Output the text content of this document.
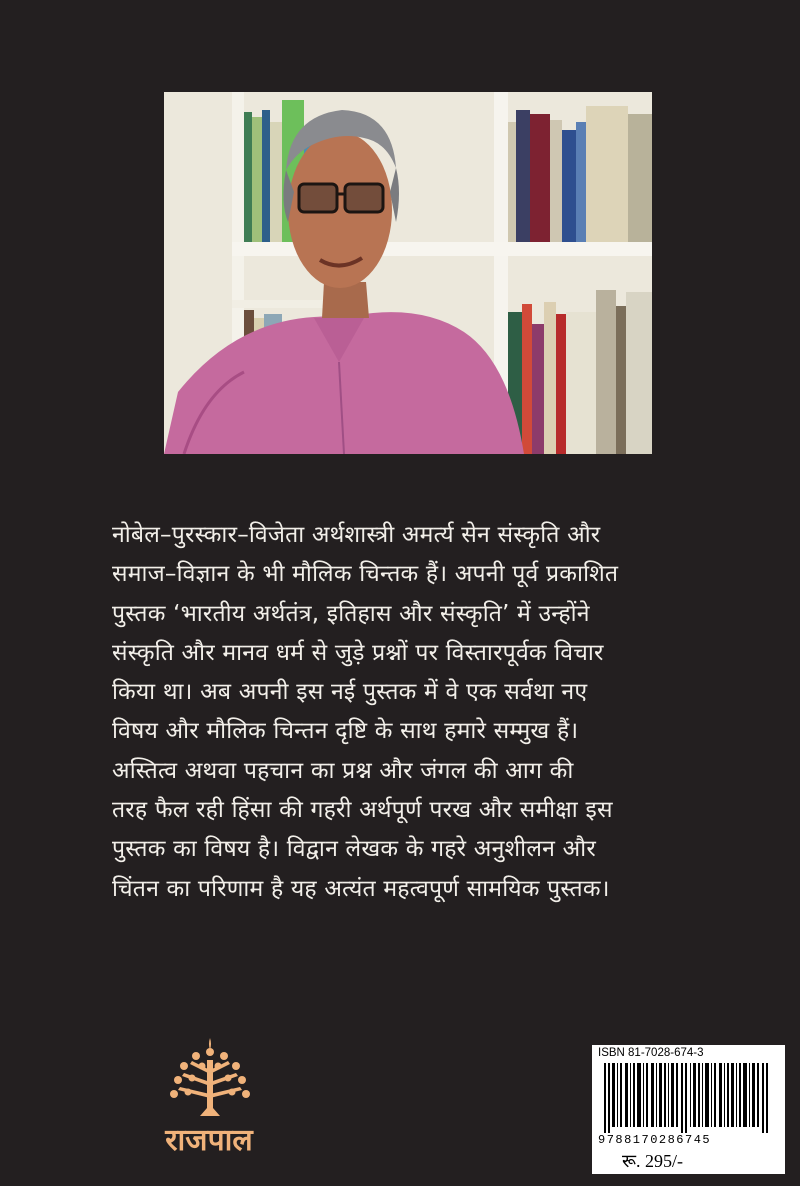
नोबेल–पुरस्कार–विजेता अर्थशास्त्री अमर्त्य सेन संस्कृति और
समाज–विज्ञान के भी मौलिक चिन्तक हैं। अपनी पूर्व प्रकाशित
पुस्तक ‘भारतीय अर्थतंत्र, इतिहास और संस्कृति’ में उन्होंने
संस्कृति और मानव धर्म से जुड़े प्रश्नों पर विस्तारपूर्वक विचार
किया था। अब अपनी इस नई पुस्तक में वे एक सर्वथा नए
विषय और मौलिक चिन्तन दृष्टि के साथ हमारे सम्मुख हैं।
अस्तित्व अथवा पहचान का प्रश्न और जंगल की आग की
तरह फैल रही हिंसा की गहरी अर्थपूर्ण परख और समीक्षा इस
पुस्तक का विषय है। विद्वान लेखक के गहरे अनुशीलन और
चिंतन का परिणाम है यह अत्यंत महत्वपूर्ण सामयिक पुस्तक।
राजपाल
ISBN 81-7028-674-3
9788170286745
रू. 295/-
